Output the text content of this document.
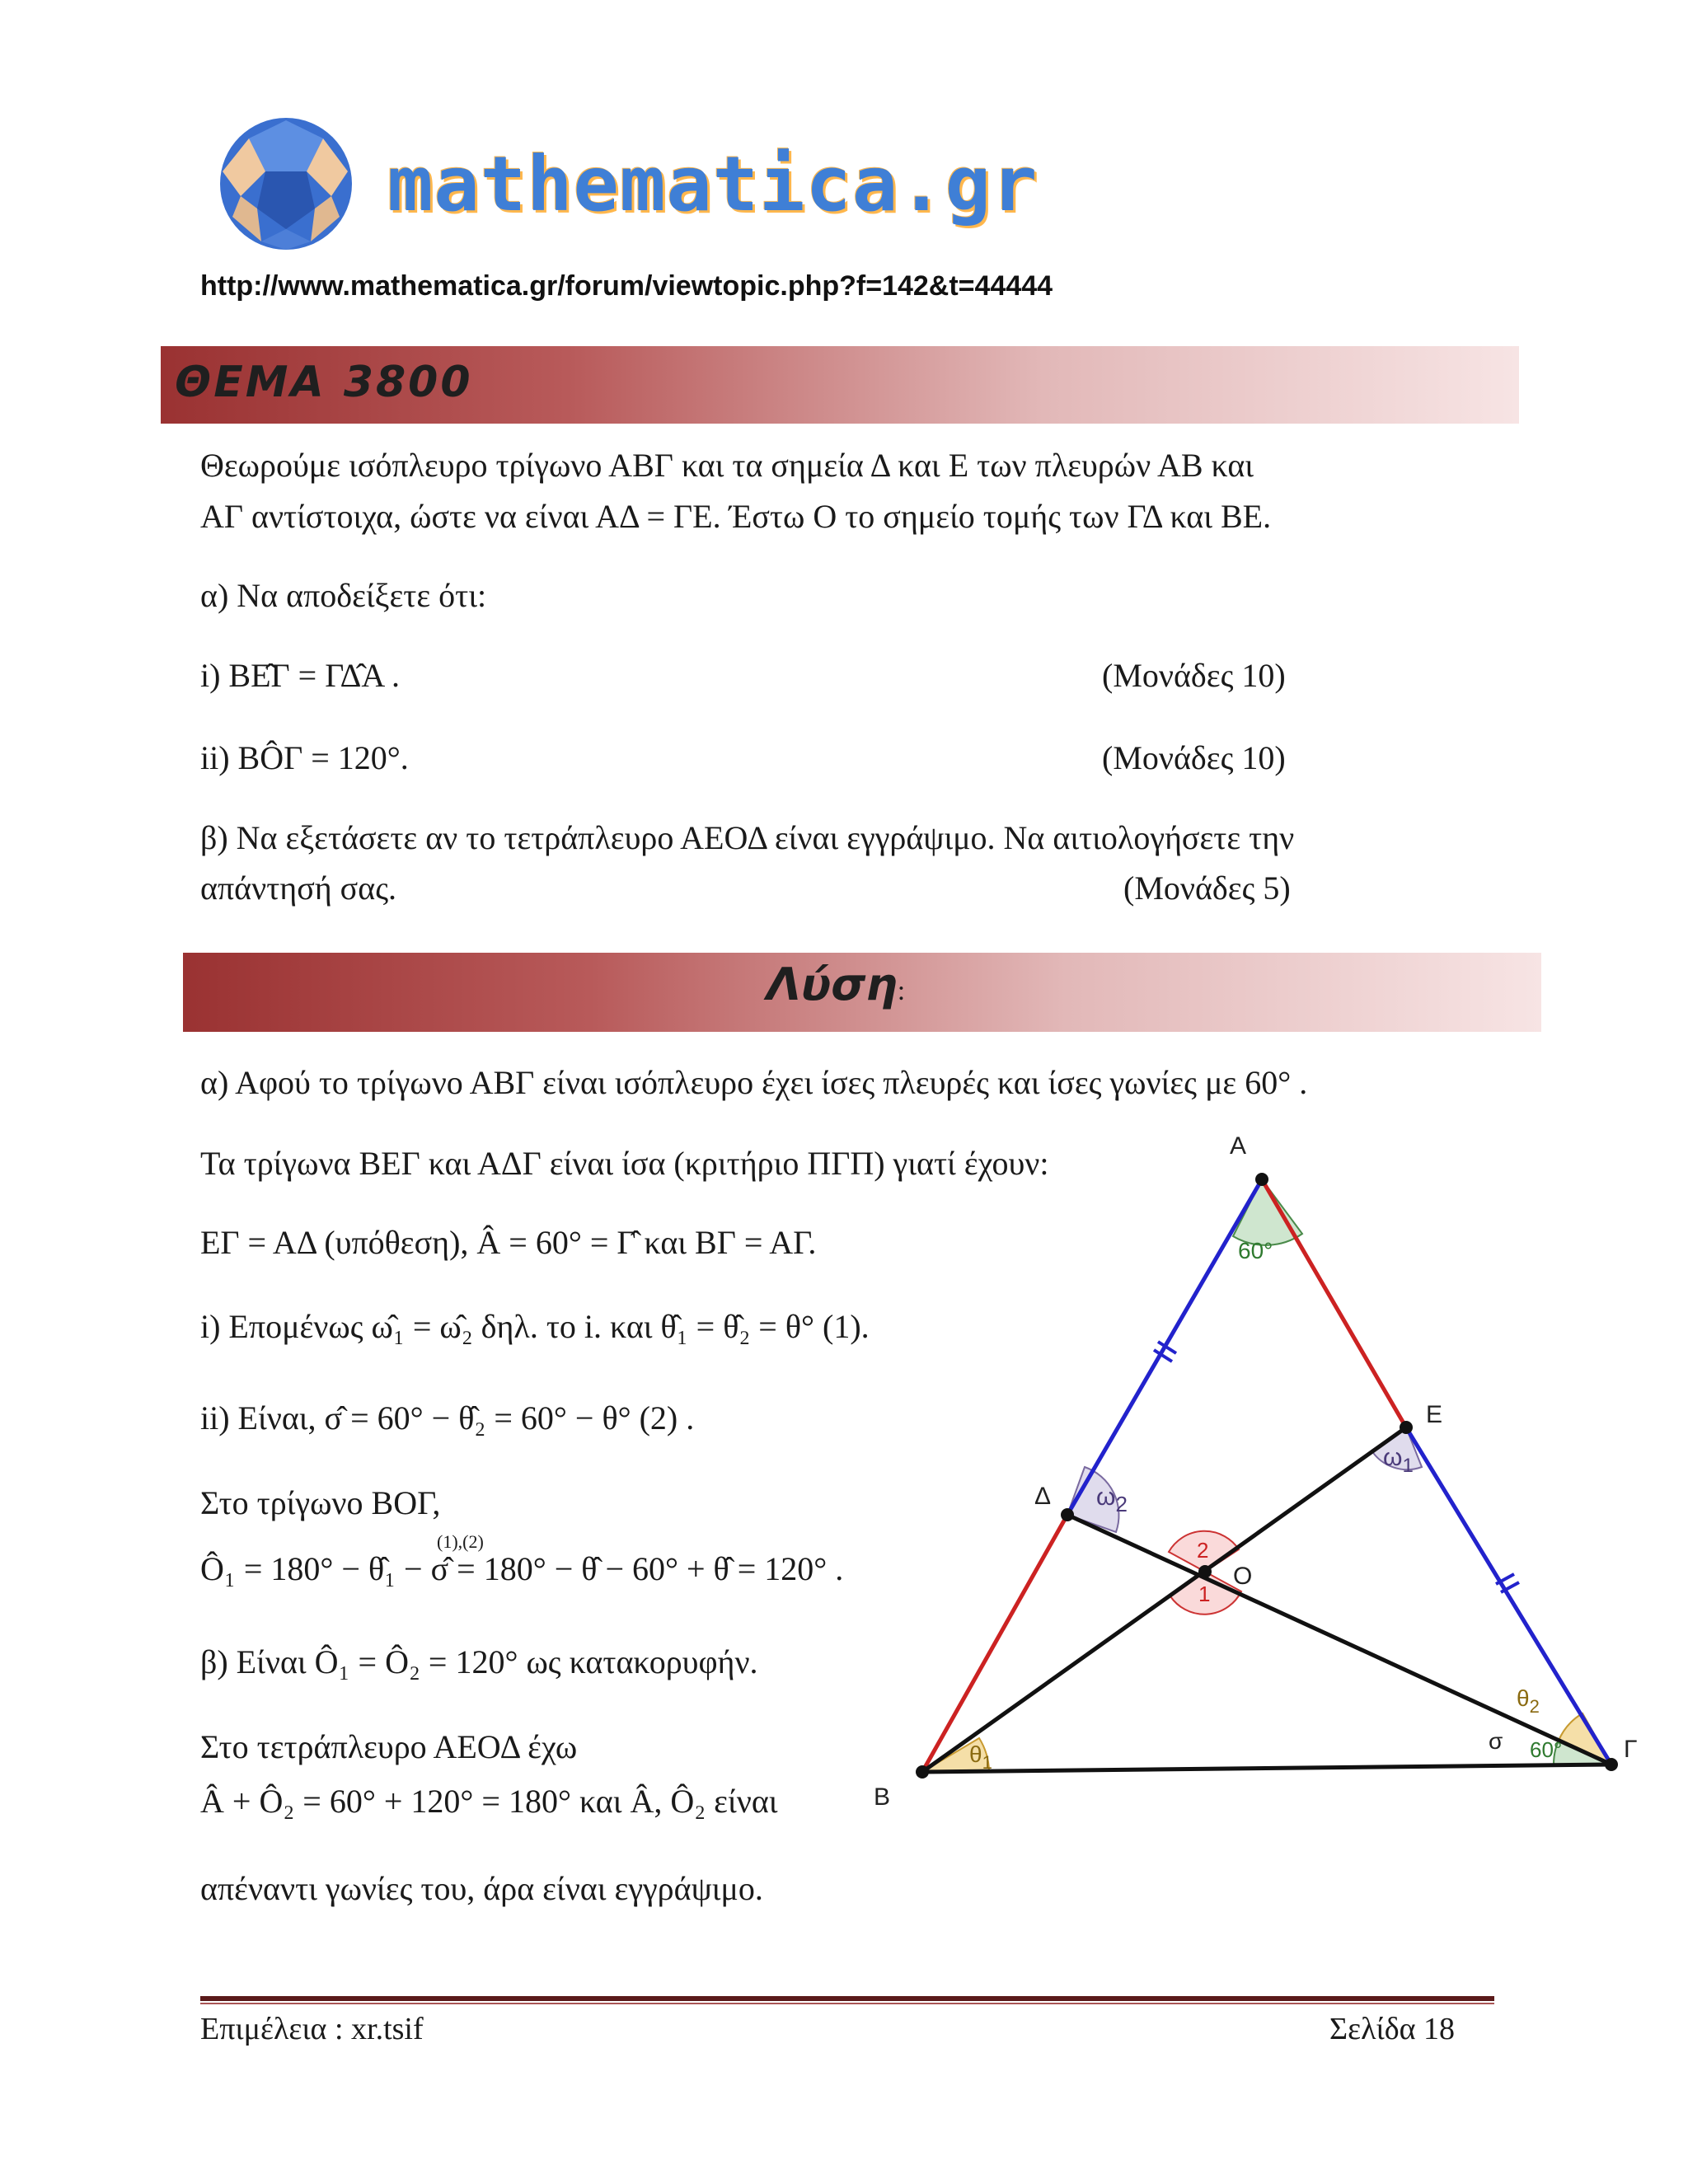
mathematica.gr
http://www.mathematica.gr/forum/viewtopic.php?f=142&t=44444
ΘΕΜΑ 3800
Θεωρούμε ισόπλευρο τρίγωνο ΑΒΓ και τα σημεία Δ και Ε των πλευρών ΑΒ και
ΑΓ αντίστοιχα, ώστε να είναι ΑΔ = ΓΕ. Έστω Ο το σημείο τομής των ΓΔ και ΒΕ.
α) Να αποδείξετε ότι:
i) ΒΕ̂Γ = ΓΔ̂Α .	(Μονάδες 10)
ii) ΒÔΓ = 120°.	(Μονάδες 10)
β) Να εξετάσετε αν το τετράπλευρο ΑΕΟΔ είναι εγγράψιμο. Να αιτιολογήσετε την
απάντησή σας.	(Μονάδες 5)
Λύση:
α) Αφού το τρίγωνο ΑΒΓ είναι ισόπλευρο έχει ίσες πλευρές και ίσες γωνίες με 60° .
Τα τρίγωνα ΒΕΓ και ΑΔΓ είναι ίσα (κριτήριο ΠΓΠ) γιατί έχουν:
ΕΓ = ΑΔ (υπόθεση), Â = 60° = Γ̂ και ΒΓ = ΑΓ.
i) Επομένως ω̂₁ = ω̂₂ δηλ. το i. και θ̂₁ = θ̂₂ = θ° (1).
ii) Είναι, σ̂ = 60° − θ̂₂ = 60° − θ° (2) .
Στο τρίγωνο ΒΟΓ,
(1),(2)
Ô₁ = 180° − θ̂₁ − σ̂ = 180° − θ̂ − 60° + θ̂ = 120° .
β) Είναι Ô₁ = Ô₂ = 120° ως κατακορυφήν.
Στο τετράπλευρο ΑΕΟΔ έχω
Â + Ô₂ = 60° + 120° = 180° και Â, Ô₂ είναι
απέναντι γωνίες του, άρα είναι εγγράψιμο.
A
B
Γ
Δ
E
O
60°
60°
σ
$\theta_1$
$\theta_2$
ω2
$\omega_1$
2
1
Επιμέλεια : xr.tsif	Σελίδα 18
